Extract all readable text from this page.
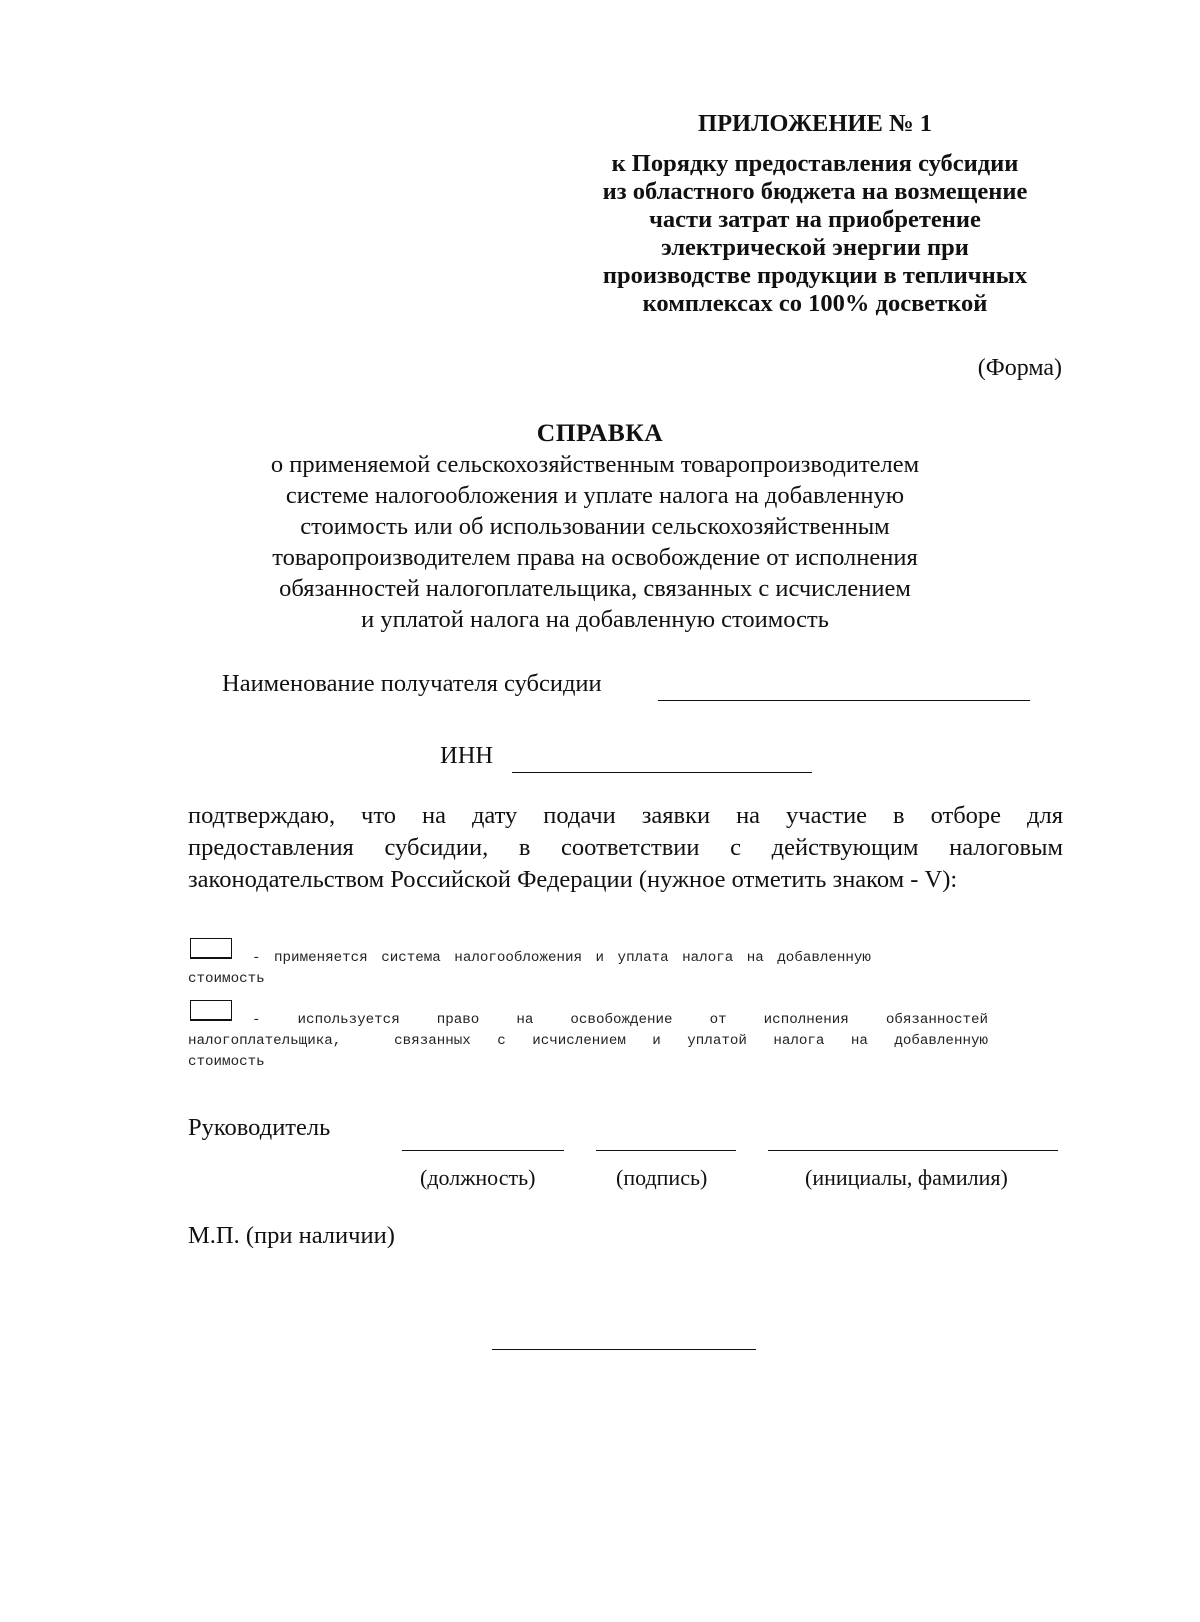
ПРИЛОЖЕНИЕ № 1
к Порядку предоставления субсидии
из областного бюджета на возмещение
части затрат на приобретение
электрической энергии при
производстве продукции в тепличных
комплексах со 100% досветкой
(Форма)
СПРАВКА
о применяемой сельскохозяйственным товаропроизводителем
системе налогообложения и уплате налога на добавленную
стоимость или об использовании сельскохозяйственным
товаропроизводителем права на освобождение от исполнения
обязанностей налогоплательщика, связанных с исчислением
и уплатой налога на добавленную стоимость
Наименование получателя субсидии
ИНН
подтверждаю, что на дату подачи заявки на участие в отборе для
предоставления субсидии, в соответствии с действующим налоговым законодательством Российской Федерации (нужное отметить знаком - V):
- применяется система налогообложения и уплата налога на добавленную
стоимость
- используется право на освобождение от исполнения обязанностей
налогоплательщика,  связанных с исчислением и уплатой налога на добавленную
стоимость
Руководитель
(должность)	(подпись)	(инициалы, фамилия)
М.П. (при наличии)
